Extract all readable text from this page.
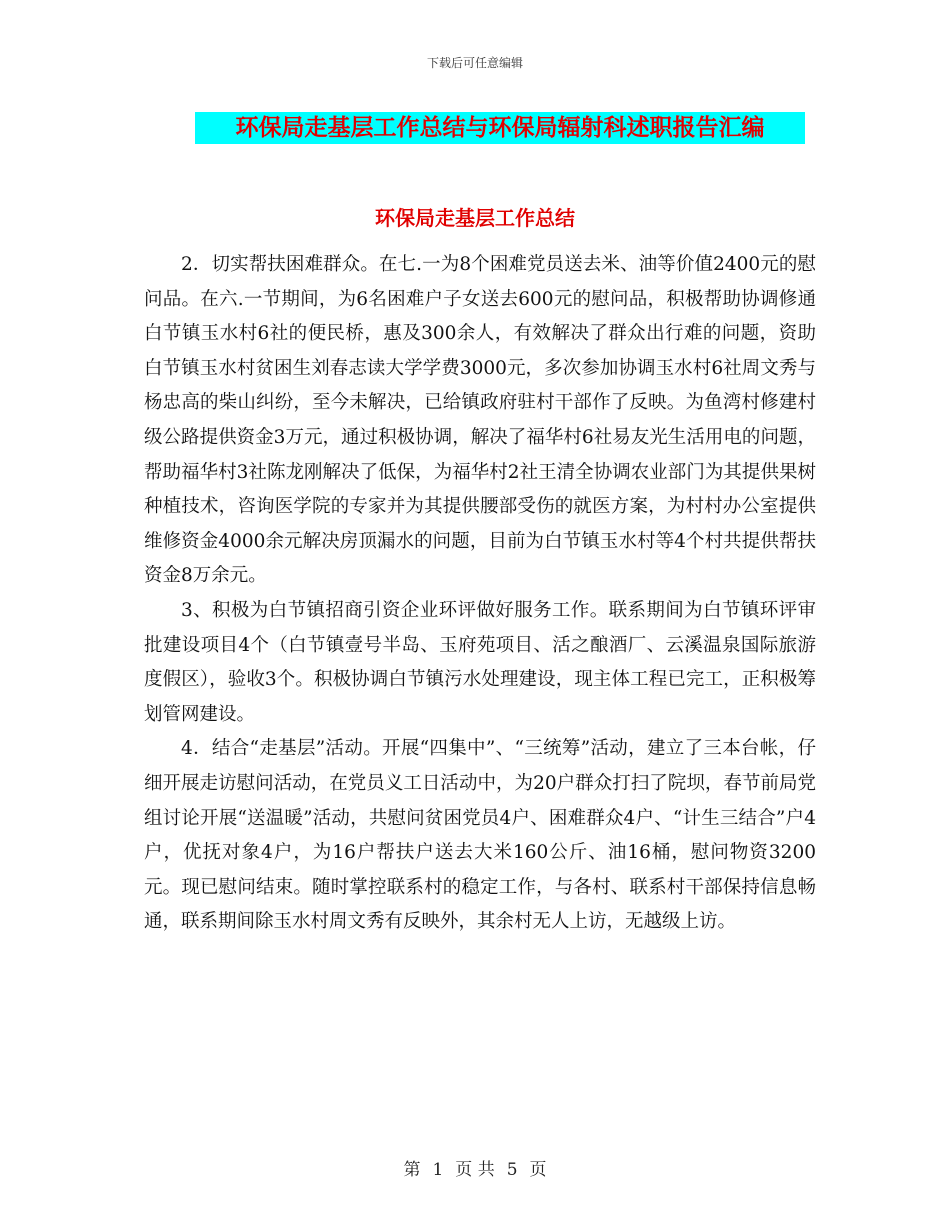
下载后可任意编辑
环保局走基层工作总结与环保局辐射科述职报告汇编
环保局走基层工作总结

2．切实帮扶困难群众。在七.一为8个困难党员送去米、油等价值2400元的慰问品。在六.一节期间，为6名困难户子女送去600元的慰问品，积极帮助协调修通白节镇玉水村6社的便民桥，惠及300余人，有效解决了群众出行难的问题，资助白节镇玉水村贫困生刘春志读大学学费3000元，多次参加协调玉水村6社周文秀与杨忠高的柴山纠纷，至今未解决，已给镇政府驻村干部作了反映。为鱼湾村修建村级公路提供资金3万元，通过积极协调，解决了福华村6社易友光生活用电的问题，帮助福华村3社陈龙刚解决了低保，为福华村2社王清全协调农业部门为其提供果树种植技术，咨询医学院的专家并为其提供腰部受伤的就医方案，为村村办公室提供维修资金4000余元解决房顶漏水的问题，目前为白节镇玉水村等4个村共提供帮扶资金8万余元。

3、积极为白节镇招商引资企业环评做好服务工作。联系期间为白节镇环评审批建设项目4个（白节镇壹号半岛、玉府苑项目、活之酿酒厂、云溪温泉国际旅游度假区），验收3个。积极协调白节镇污水处理建设，现主体工程已完工，正积极筹划管网建设。

4．结合“走基层”活动。开展“四集中”、“三统筹”活动，建立了三本台帐，仔细开展走访慰问活动，在党员义工日活动中，为20户群众打扫了院坝，春节前局党组讨论开展“送温暖”活动，共慰问贫困党员4户、困难群众4户、“计生三结合”户4户，优抚对象4户，为16户帮扶户送去大米160公斤、油16桶，慰问物资3200元。现已慰问结束。随时掌控联系村的稳定工作，与各村、联系村干部保持信息畅通，联系期间除玉水村周文秀有反映外，其余村无人上访，无越级上访。

第 1 页 共 5 页
